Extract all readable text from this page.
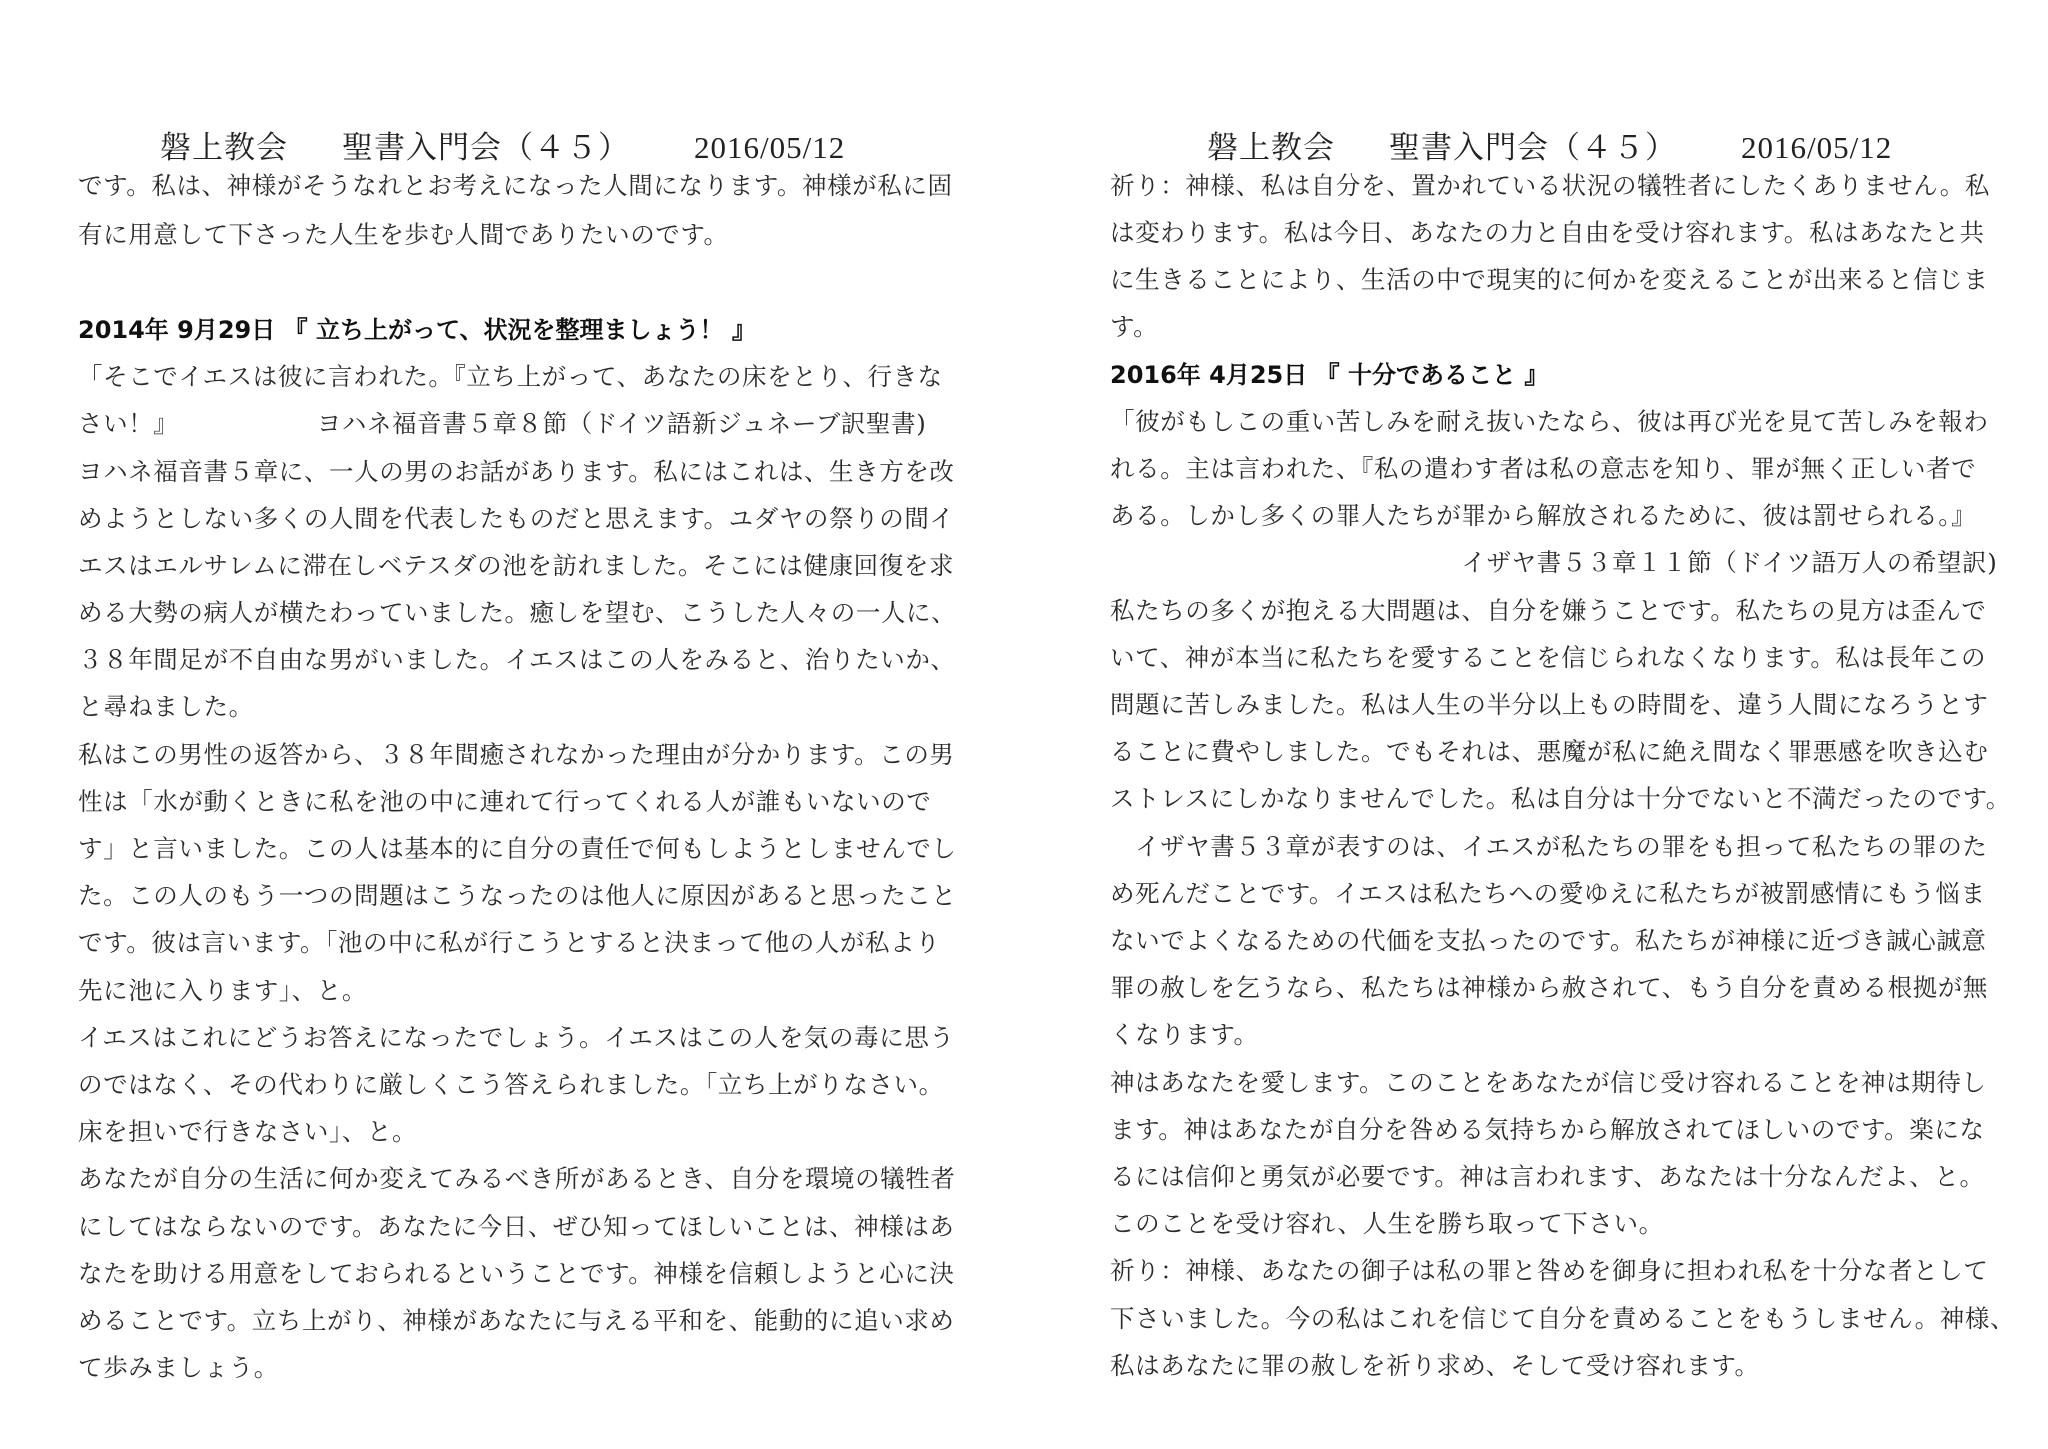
磐上教会 聖書入門会（４５） 2016/05/12
です。私は、神様がそうなれとお考えになった人間になります。神様が私に固
有に用意して下さった人生を歩む人間でありたいのです。
2014年 9月29日 『 立ち上がって、状況を整理ましょう！ 』
「そこでイエスは彼に言われた。『立ち上がって、あなたの床をとり、行きな
さい！』　　　　　　ヨハネ福音書５章８節（ドイツ語新ジュネーブ訳聖書)
ヨハネ福音書５章に、一人の男のお話があります。私にはこれは、生き方を改
めようとしない多くの人間を代表したものだと思えます。ユダヤの祭りの間イ
エスはエルサレムに滞在しベテスダの池を訪れました。そこには健康回復を求
める大勢の病人が横たわっていました。癒しを望む、こうした人々の一人に、
３８年間足が不自由な男がいました。イエスはこの人をみると、治りたいか、
と尋ねました。
私はこの男性の返答から、３８年間癒されなかった理由が分かります。この男
性は「水が動くときに私を池の中に連れて行ってくれる人が誰もいないので
す」と言いました。この人は基本的に自分の責任で何もしようとしませんでし
た。この人のもう一つの問題はこうなったのは他人に原因があると思ったこと
です。彼は言います。「池の中に私が行こうとすると決まって他の人が私より
先に池に入ります」、と。
イエスはこれにどうお答えになったでしょう。イエスはこの人を気の毒に思う
のではなく、その代わりに厳しくこう答えられました。「立ち上がりなさい。
床を担いで行きなさい」、と。
あなたが自分の生活に何か変えてみるべき所があるとき、自分を環境の犠牲者
にしてはならないのです。あなたに今日、ぜひ知ってほしいことは、神様はあ
なたを助ける用意をしておられるということです。神様を信頼しようと心に決
めることです。立ち上がり、神様があなたに与える平和を、能動的に追い求め
て歩みましょう。
磐上教会 聖書入門会（４５） 2016/05/12
祈り：神様、私は自分を、置かれている状況の犠牲者にしたくありません。私
は変わります。私は今日、あなたの力と自由を受け容れます。私はあなたと共
に生きることにより、生活の中で現実的に何かを変えることが出来ると信じま
す。
2016年 4月25日 『 十分であること 』
「彼がもしこの重い苦しみを耐え抜いたなら、彼は再び光を見て苦しみを報わ
れる。主は言われた、『私の遣わす者は私の意志を知り、罪が無く正しい者で
ある。しかし多くの罪人たちが罪から解放されるために、彼は罰せられる。』
　　　　　　　　　　　　　　イザヤ書５３章１１節（ドイツ語万人の希望訳)
私たちの多くが抱える大問題は、自分を嫌うことです。私たちの見方は歪んで
いて、神が本当に私たちを愛することを信じられなくなります。私は長年この
問題に苦しみました。私は人生の半分以上もの時間を、違う人間になろうとす
ることに費やしました。でもそれは、悪魔が私に絶え間なく罪悪感を吹き込む
ストレスにしかなりませんでした。私は自分は十分でないと不満だったのです。
　イザヤ書５３章が表すのは、イエスが私たちの罪をも担って私たちの罪のた
め死んだことです。イエスは私たちへの愛ゆえに私たちが被罰感情にもう悩ま
ないでよくなるための代価を支払ったのです。私たちが神様に近づき誠心誠意
罪の赦しを乞うなら、私たちは神様から赦されて、もう自分を責める根拠が無
くなります。
神はあなたを愛します。このことをあなたが信じ受け容れることを神は期待し
ます。神はあなたが自分を咎める気持ちから解放されてほしいのです。楽にな
るには信仰と勇気が必要です。神は言われます、あなたは十分なんだよ、と。
このことを受け容れ、人生を勝ち取って下さい。
祈り：神様、あなたの御子は私の罪と咎めを御身に担われ私を十分な者として
下さいました。今の私はこれを信じて自分を責めることをもうしません。神様、
私はあなたに罪の赦しを祈り求め、そして受け容れます。
